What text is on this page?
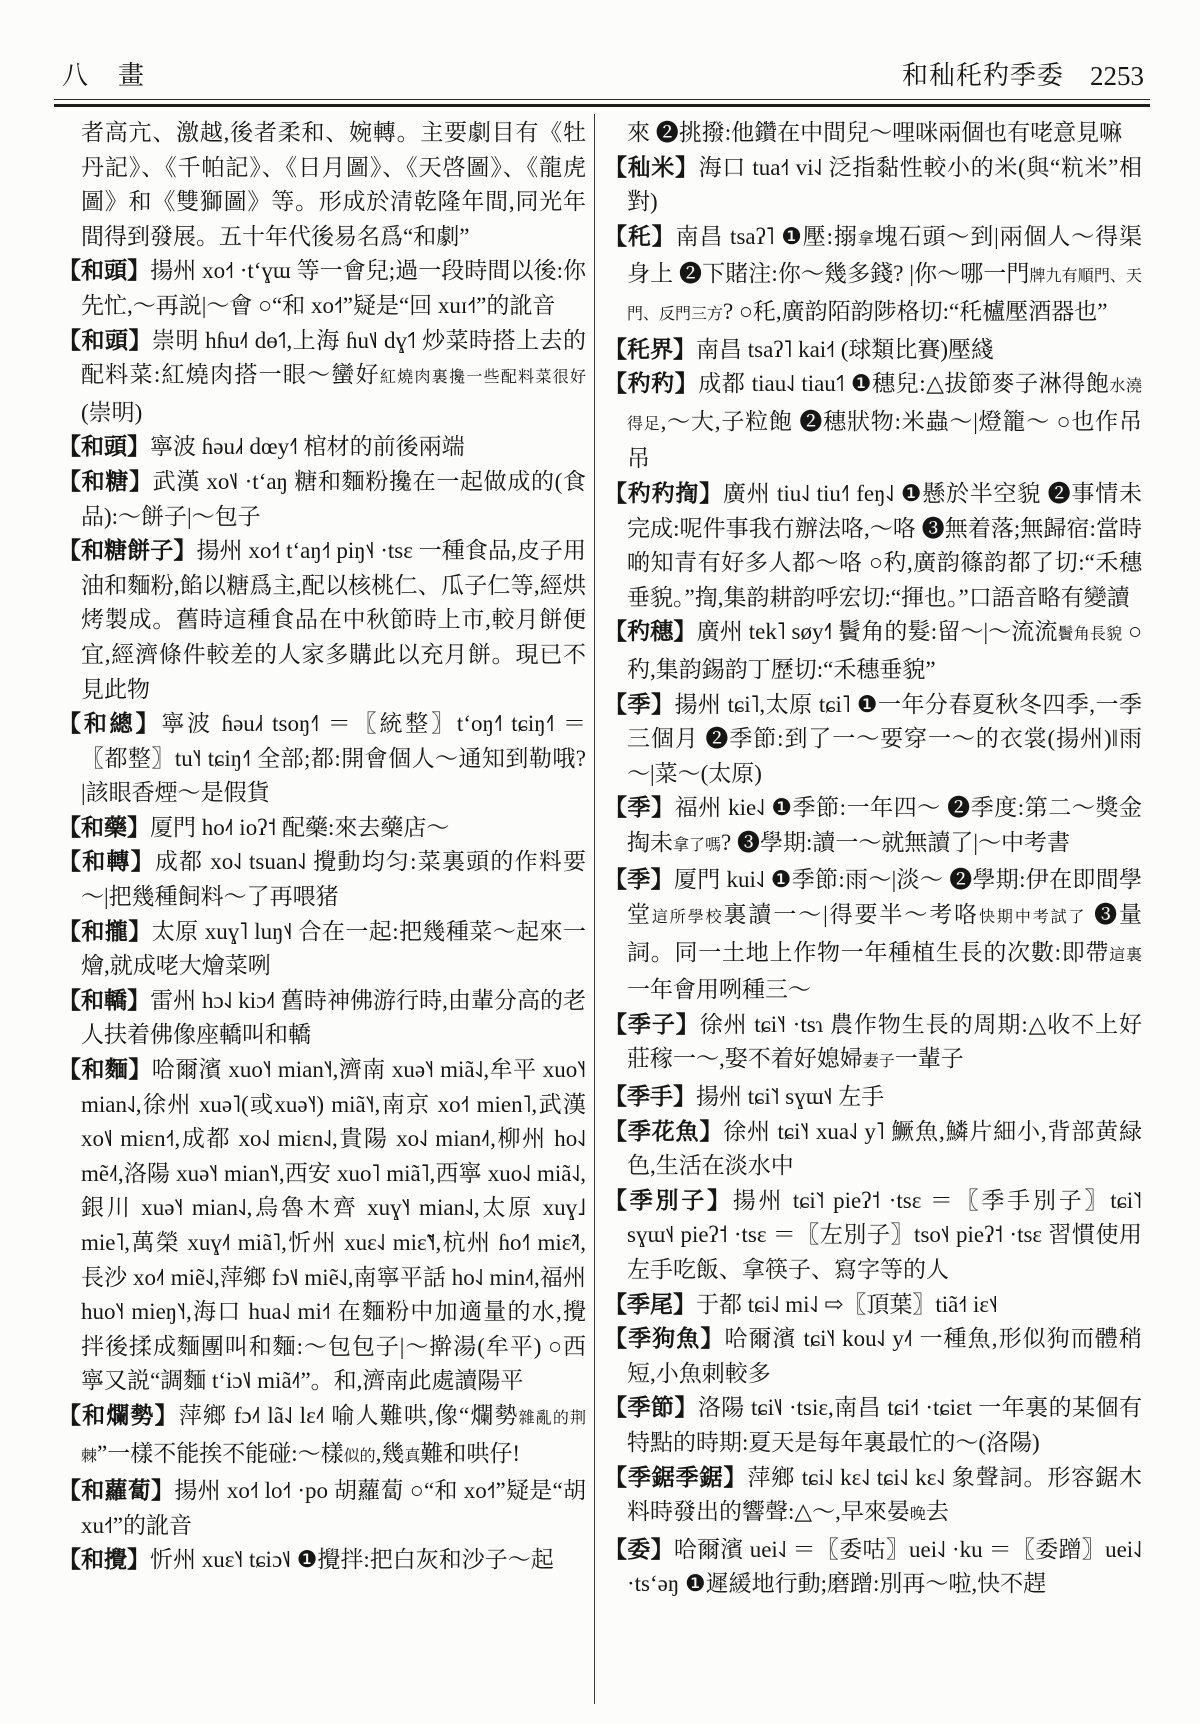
八　畫	和秈秅䄪季委 2253

者高亢、激越,後者柔和、婉轉。主要劇目有《牡丹記》、《千帕記》、《日月圖》、《天啓圖》、《龍虎圖》和《雙獅圖》等。形成於清乾隆年間,同光年間得到發展。五十年代後易名爲“和劇”

【和頭】揚州 xo˧˦ ·tʻɣɯ 等一會兒;過一段時間以後:你先忙,～再説|～會 ○“和 xo˧˦”疑是“回 xuɪ˧˦”的訛音

【和頭】崇明 hɦu˨˦ dɵ˦˥,上海 ɦu˦˩ dɣ˦˥ 炒菜時搭上去的配料菜:紅燒肉搭一眼～蠻好紅燒肉裏攙一些配料菜很好(崇明)

【和頭】寧波 ɦəu˩˧ dœy˧˥ 棺材的前後兩端

【和糖】武漢 xo˦˩ ·tʻaŋ 糖和麵粉攙在一起做成的(食品):～餅子|～包子

【和糖餅子】揚州 xo˧˦ tʻaŋ˧˦ piŋ˦˨ ·tsɛ 一種食品,皮子用油和麵粉,餡以糖爲主,配以核桃仁、瓜子仁等,經烘烤製成。舊時這種食品在中秋節時上市,較月餅便宜,經濟條件較差的人家多購此以充月餅。現已不見此物

【和總】寧波 ɦəu˩˧ tsoŋ˧˥ ＝〖統整〗tʻoŋ˧˥ tɕiŋ˧˥ ＝〖都整〗tu˥˧ tɕiŋ˧˥ 全部;都:開會個人～通知到勒哦? |該眼香煙～是假貨

【和藥】厦門 ho˨˦ ioʔ˦ 配藥:來去藥店～

【和轉】成都 xo˨˩ tsuan˨˩ 攪動均匀:菜裏頭的作料要～|把幾種飼料～了再喂猪

【和攏】太原 xuɣ˥ luŋ˦˨ 合在一起:把幾種菜～起來一燴,就成咾大燴菜咧

【和轎】雷州 hɔ˨˩ kiɔ˨˦ 舊時神佛游行時,由輩分高的老人扶着佛像座轎叫和轎

【和麵】哈爾濱 xuo˥˧ mian˥˧,濟南 xuə˥˧ miã˨˩,牟平 xuo˥˧ mian˨˩,徐州 xuə˥(或xuə˥˧) miã˥˧,南京 xo˧˦ mien˥,武漢 xo˦˩ miɛn˧˦,成都 xo˨˩ miɛn˨˩,貴陽 xo˨˩ mian˨˦,柳州 ho˨˩ mẽ˨˦,洛陽 xuə˥˧ mian˥˧,西安 xuo˥ miã˥,西寧 xuo˨˩ miã˨˩,銀川 xuə˥˧ mian˨˩,烏魯木齊 xuɣ˥˧ mian˨˩,太原 xuɣ˩ mie˥,萬榮 xuɣ˨˦ miã˥,忻州 xuɛ˨˩ miɛ̃˥˧,杭州 ɦo˧˥ miɛ̃˨˦,長沙 xo˨˦ miẽ˨˩,萍鄉 fɔ˦˩ miẽ˨˩,南寧平話 ho˨˩ min˨˦,福州 huo˥˧ mieŋ˥˧,海口 hua˨˩ mi˧˦ 在麵粉中加適量的水,攪拌後揉成麵團叫和麵:～包包子|～擀湯(牟平) ○西寧又説“調麵 tʻiɔ˦˩ miã˨˦”。和,濟南此處讀陽平

【和爛勢】萍鄉 fɔ˨˦ lã˨˩ lɛ˨˦ 喻人難哄,像“爛勢雜亂的荆棘”一樣不能挨不能碰:～樣似的,幾真難和哄仔!

【和蘿蔔】揚州 xo˧˦ lo˧˦ ·po 胡蘿蔔 ○“和 xo˧˦”疑是“胡 xu˧˦”的訛音

【和攪】忻州 xuɛ˥˧ tɕiɔ˦˩ ❶攪拌:把白灰和沙子～起

來 ❷挑撥:他鑽在中間兒～哩咪兩個也有咾意見嘛

【秈米】海口 tua˧˦ vi˨˩ 泛指黏性較小的米(與“粇米”相對)

【秅】南昌 tsaʔ˥ ❶壓:搦拿塊石頭～到|兩個人～得渠身上 ❷下賭注:你～幾多錢? |你～哪一門牌九有順門、天門、反門三方? ○秅,廣韵陌韵陟格切:“秅櫨壓酒器也”

【秅界】南昌 tsaʔ˥ kai˧˦ (球類比賽)壓綫

【䄪䄪】成都 tiau˨˩ tiau˦˥ ❶穗兒:△拔節麥子淋得飽水澆得足,～大,子粒飽 ❷穗狀物:米蟲～|燈籠～ ○也作吊吊

【䄪䄪揈】廣州 tiu˨˩ tiu˧˥ feŋ˨˩ ❶懸於半空貌 ❷事情未完成:呢件事我冇辦法咯,～咯 ❸無着落;無歸宿:當時啲知青有好多人都～咯 ○䄪,廣韵篠韵都了切:“禾穗垂貌。”揈,集韵耕韵呼宏切:“揮也。”口語音略有變讀

【䄪穗】廣州 tek˥ søy˧˥ 鬢角的髮:留～|～流流鬢角長貌 ○䄪,集韵錫韵丁歷切:“禾穗垂貌”

【季】揚州 tɕi˥,太原 tɕi˥ ❶一年分春夏秋冬四季,一季三個月 ❷季節:到了一～要穿一～的衣裳(揚州)‖雨～|菜～(太原)

【季】福州 kie˨˩ ❶季節:一年四～ ❷季度:第二～獎金掏未拿了嗎? ❸學期:讀一～就無讀了|～中考書

【季】厦門 kui˨˩ ❶季節:雨～|淡～ ❷學期:伊在即間學堂這所學校裏讀一～|得要半～考咯快期中考試了 ❸量詞。同一土地上作物一年種植生長的次數:即帶這裏一年會用咧種三～

【季子】徐州 tɕi˥˧ ·tsɿ 農作物生長的周期:△收不上好莊稼一～,娶不着好媳婦妻子一輩子

【季手】揚州 tɕi˥˦ sɣɯ˦˨ 左手

【季花魚】徐州 tɕi˥˧ xua˨˩ y˥ 鱖魚,鱗片細小,背部黄緑色,生活在淡水中

【季別子】揚州 tɕi˥˦ pieʔ˦ ·tsɛ ＝〖季手別子〗tɕi˥˦ sɣɯ˦˨ pieʔ˦ ·tsɛ ＝〖左別子〗tso˦˨ pieʔ˦ ·tsɛ 習慣使用左手吃飯、拿筷子、寫字等的人

【季尾】于都 tɕi˨˩ mi˨˩ ⇨〖頂葉〗tiã˧˦ iɛ˦˨

【季狗魚】哈爾濱 tɕi˥˧ kou˨˩ y˨˦ 一種魚,形似狗而體稍短,小魚刺較多

【季節】洛陽 tɕi˥˩ ·tsiɛ,南昌 tɕi˧˦ ·tɕiɛt 一年裏的某個有特點的時期:夏天是每年裏最忙的～(洛陽)

【季鋸季鋸】萍鄉 tɕi˨˩ kɛ˨˩ tɕi˨˩ kɛ˨˩ 象聲詞。形容鋸木料時發出的響聲:△～,早來晏晚去

【委】哈爾濱 uei˨˩ ＝〖委咕〗uei˨˩ ·ku ＝〖委蹭〗uei˨˩ ·tsʻəŋ ❶遲緩地行動;磨蹭:別再～啦,快不趕
